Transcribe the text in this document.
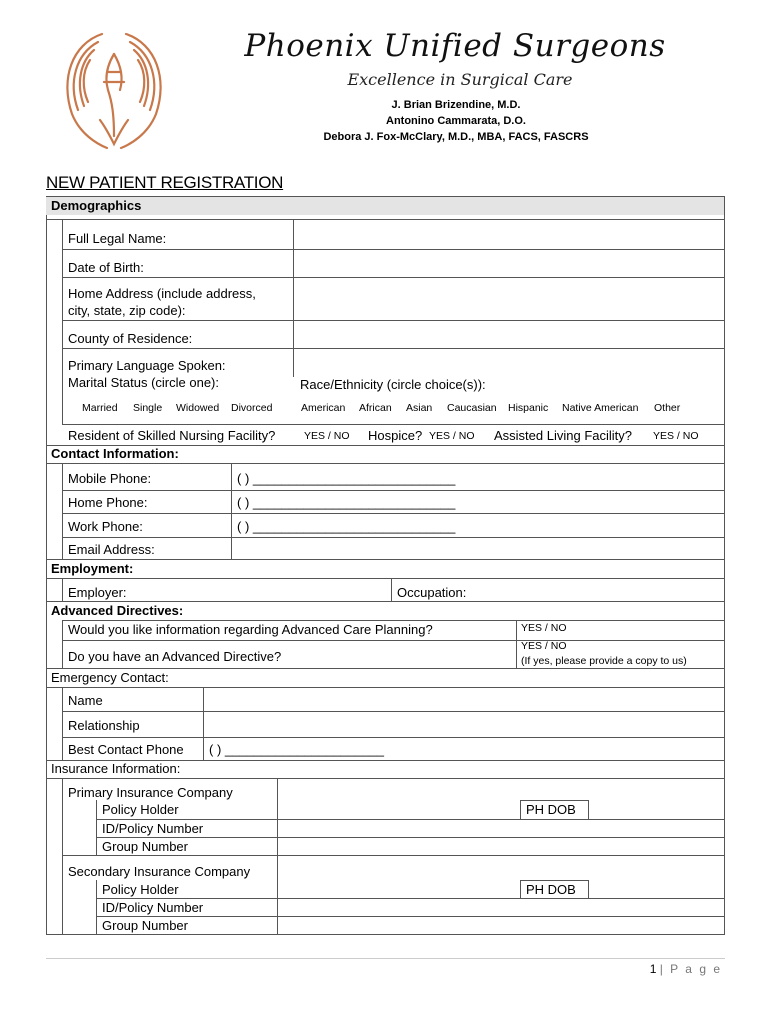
Phoenix Unified Surgeons
Excellence in Surgical Care
J. Brian Brizendine, M.D.
Antonino Cammarata, D.O.
Debora J. Fox-McClary, M.D., MBA, FACS, FASCRS
NEW PATIENT REGISTRATION
Demographics
Full Legal Name:
Date of Birth:
Home Address (include address,
city, state, zip code):
County of Residence:
Primary Language Spoken:
Marital Status (circle one):	Race/Ethnicity (circle choice(s)):
Married Single Widowed Divorced	American African Asian Caucasian Hispanic Native American Other
Resident of Skilled Nursing Facility?	YES / NO Hospice? YES / NO Assisted Living Facility? YES / NO
Contact Information:
Mobile Phone:	( ) ____________________________
Home Phone:	( ) ____________________________
Work Phone:	( ) ____________________________
Email Address:
Employment:
Employer:	Occupation:
Advanced Directives:
Would you like information regarding Advanced Care Planning?	YES / NO
Do you have an Advanced Directive?
YES / NO
(If yes, please provide a copy to us)
Emergency Contact:
Name
Relationship
Best Contact Phone ( ) ______________________
Insurance Information:
Primary Insurance Company
Policy Holder	PH DOB
ID/Policy Number
Group Number
Secondary Insurance Company
Policy Holder	PH DOB
ID/Policy Number
Group Number
1 | P a g e
